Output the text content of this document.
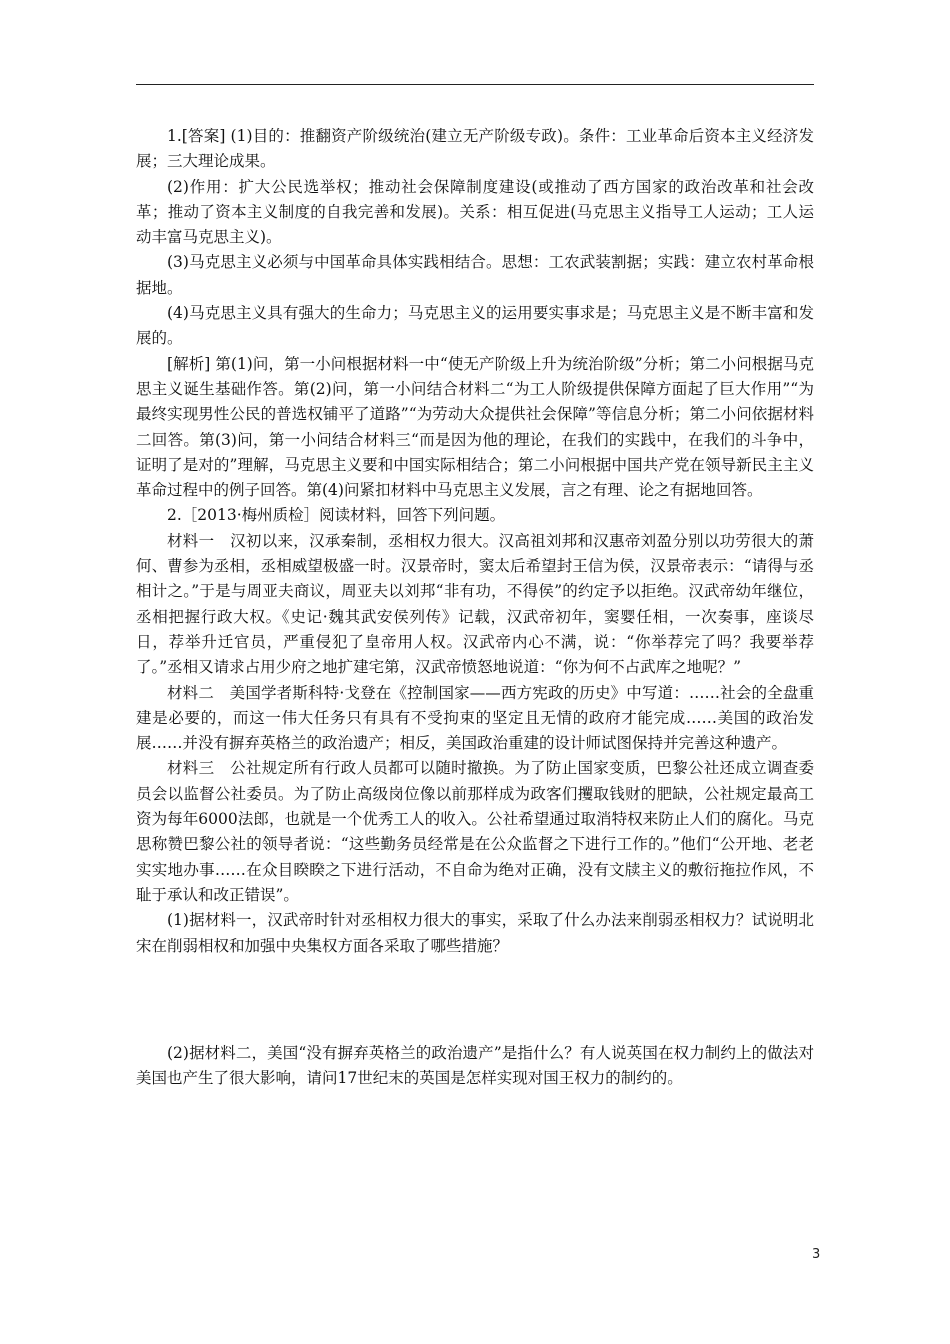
1.[答案] (1)目的：推翻资产阶级统治(建立无产阶级专政)。条件：工业革命后资本主义经济发展；三大理论成果。

(2)作用：扩大公民选举权；推动社会保障制度建设(或推动了西方国家的政治改革和社会改革；推动了资本主义制度的自我完善和发展)。关系：相互促进(马克思主义指导工人运动；工人运动丰富马克思主义)。

(3)马克思主义必须与中国革命具体实践相结合。思想：工农武装割据；实践：建立农村革命根据地。

(4)马克思主义具有强大的生命力；马克思主义的运用要实事求是；马克思主义是不断丰富和发展的。

[解析] 第(1)问，第一小问根据材料一中“使无产阶级上升为统治阶级”分析；第二小问根据马克思主义诞生基础作答。第(2)问，第一小问结合材料二“为工人阶级提供保障方面起了巨大作用”“为最终实现男性公民的普选权铺平了道路”“为劳动大众提供社会保障”等信息分析；第二小问依据材料二回答。第(3)问，第一小问结合材料三“而是因为他的理论，在我们的实践中，在我们的斗争中，证明了是对的”理解，马克思主义要和中国实际相结合；第二小问根据中国共产党在领导新民主主义革命过程中的例子回答。第(4)问紧扣材料中马克思主义发展，言之有理、论之有据地回答。

2.［2013·梅州质检］阅读材料，回答下列问题。

材料一　汉初以来，汉承秦制，丞相权力很大。汉高祖刘邦和汉惠帝刘盈分别以功劳很大的萧何、曹参为丞相，丞相威望极盛一时。汉景帝时，窦太后希望封王信为侯，汉景帝表示：“请得与丞相计之。”于是与周亚夫商议，周亚夫以刘邦“非有功，不得侯”的约定予以拒绝。汉武帝幼年继位，丞相把握行政大权。《史记·魏其武安侯列传》记载，汉武帝初年，窦婴任相，一次奏事，座谈尽日，荐举升迁官员，严重侵犯了皇帝用人权。汉武帝内心不满，说：“你举荐完了吗？我要举荐了。”丞相又请求占用少府之地扩建宅第，汉武帝愤怒地说道：“你为何不占武库之地呢？”

材料二　美国学者斯科特·戈登在《控制国家——西方宪政的历史》中写道：……社会的全盘重建是必要的，而这一伟大任务只有具有不受拘束的坚定且无情的政府才能完成……美国的政治发展……并没有摒弃英格兰的政治遗产；相反，美国政治重建的设计师试图保持并完善这种遗产。

材料三　公社规定所有行政人员都可以随时撤换。为了防止国家变质，巴黎公社还成立调查委员会以监督公社委员。为了防止高级岗位像以前那样成为政客们攫取钱财的肥缺，公社规定最高工资为每年6000法郎，也就是一个优秀工人的收入。公社希望通过取消特权来防止人们的腐化。马克思称赞巴黎公社的领导者说：“这些勤务员经常是在公众监督之下进行工作的。”他们“公开地、老老实实地办事……在众目睽睽之下进行活动，不自命为绝对正确，没有文牍主义的敷衍拖拉作风，不耻于承认和改正错误”。

(1)据材料一，汉武帝时针对丞相权力很大的事实，采取了什么办法来削弱丞相权力？试说明北宋在削弱相权和加强中央集权方面各采取了哪些措施？

(2)据材料二，美国“没有摒弃英格兰的政治遗产”是指什么？有人说英国在权力制约上的做法对美国也产生了很大影响，请问17世纪末的英国是怎样实现对国王权力的制约的。

3
